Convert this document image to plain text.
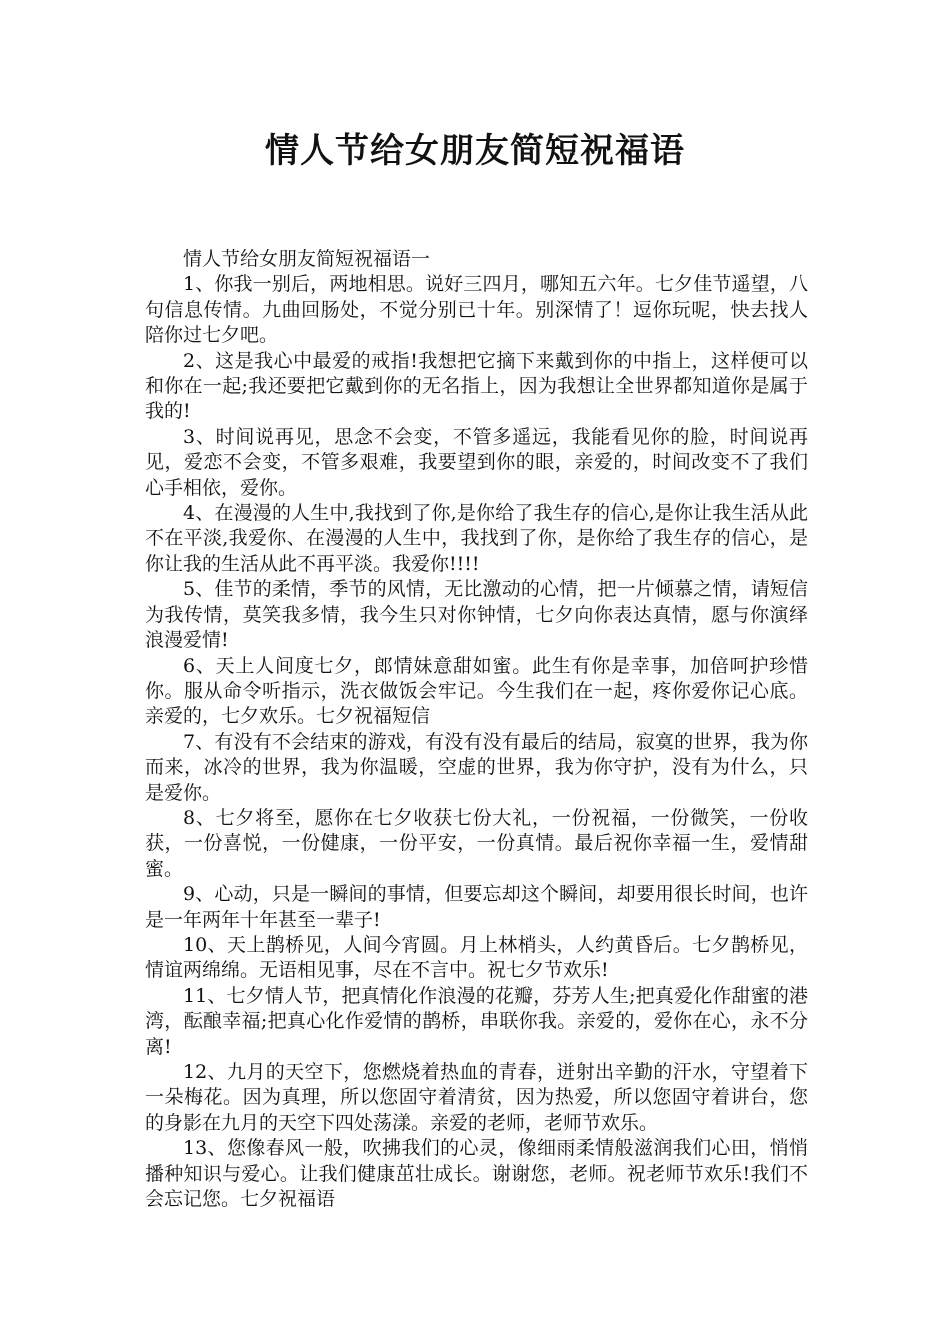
情人节给女朋友简短祝福语

情人节给女朋友简短祝福语一

1、你我一别后，两地相思。说好三四月，哪知五六年。七夕佳节遥望，八句信息传情。九曲回肠处，不觉分别已十年。别深情了！逗你玩呢，快去找人陪你过七夕吧。

2、这是我心中最爱的戒指!我想把它摘下来戴到你的中指上，这样便可以和你在一起;我还要把它戴到你的无名指上，因为我想让全世界都知道你是属于我的!

3、时间说再见，思念不会变，不管多遥远，我能看见你的脸，时间说再见，爱恋不会变，不管多艰难，我要望到你的眼，亲爱的，时间改变不了我们心手相依，爱你。

4、在漫漫的人生中,我找到了你,是你给了我生存的信心,是你让我生活从此不在平淡,我爱你、在漫漫的人生中，我找到了你，是你给了我生存的信心，是你让我的生活从此不再平淡。我爱你!!!!

5、佳节的柔情，季节的风情，无比激动的心情，把一片倾慕之情，请短信为我传情，莫笑我多情，我今生只对你钟情，七夕向你表达真情，愿与你演绎浪漫爱情!

6、天上人间度七夕，郎情妹意甜如蜜。此生有你是幸事，加倍呵护珍惜你。服从命令听指示，洗衣做饭会牢记。今生我们在一起，疼你爱你记心底。亲爱的，七夕欢乐。七夕祝福短信

7、有没有不会结束的游戏，有没有没有最后的结局，寂寞的世界，我为你而来，冰冷的世界，我为你温暖，空虚的世界，我为你守护，没有为什么，只是爱你。

8、七夕将至，愿你在七夕收获七份大礼，一份祝福，一份微笑，一份收获，一份喜悦，一份健康，一份平安，一份真情。最后祝你幸福一生，爱情甜蜜。

9、心动，只是一瞬间的事情，但要忘却这个瞬间，却要用很长时间，也许是一年两年十年甚至一辈子!

10、天上鹊桥见，人间今宵圆。月上林梢头，人约黄昏后。七夕鹊桥见，情谊两绵绵。无语相见事，尽在不言中。祝七夕节欢乐!

11、七夕情人节，把真情化作浪漫的花瓣，芬芳人生;把真爱化作甜蜜的港湾，酝酿幸福;把真心化作爱情的鹊桥，串联你我。亲爱的，爱你在心，永不分离!

12、九月的天空下，您燃烧着热血的青春，迸射出辛勤的汗水，守望着下一朵梅花。因为真理，所以您固守着清贫，因为热爱，所以您固守着讲台，您的身影在九月的天空下四处荡漾。亲爱的老师，老师节欢乐。

13、您像春风一般，吹拂我们的心灵，像细雨柔情般滋润我们心田，悄悄播种知识与爱心。让我们健康茁壮成长。谢谢您，老师。祝老师节欢乐!我们不会忘记您。七夕祝福语
